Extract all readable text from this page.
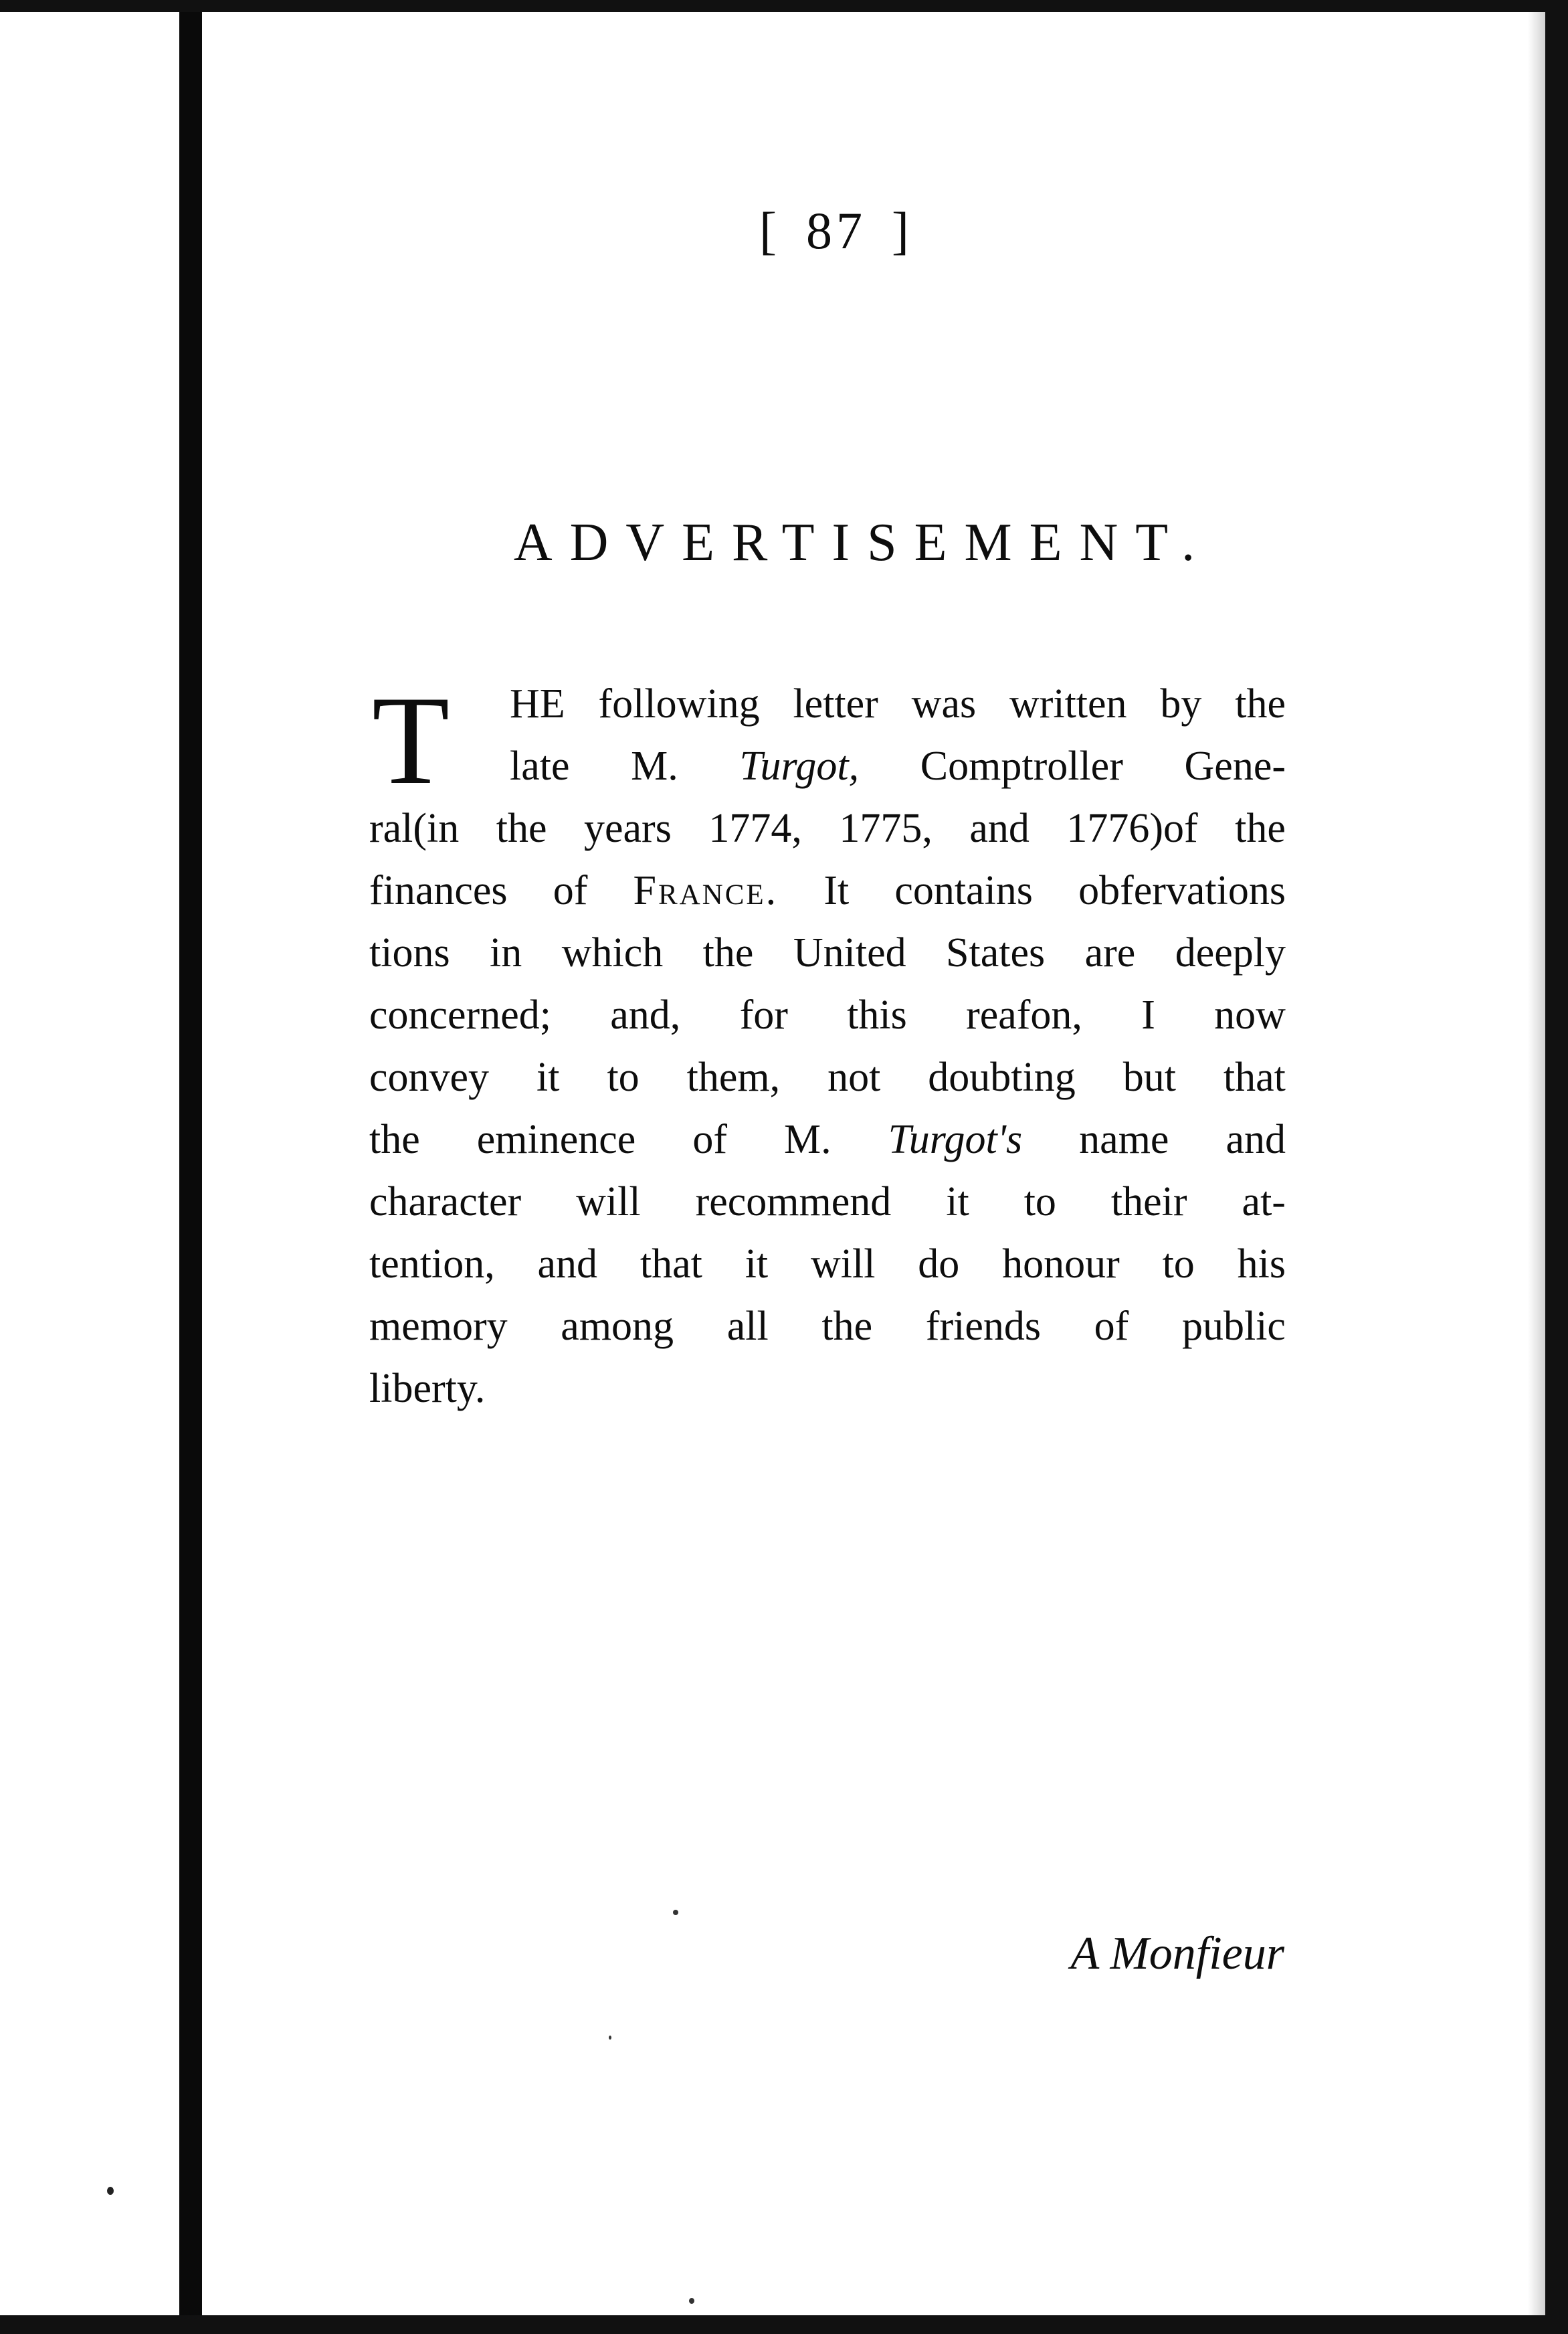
[ 87 ]
ADVERTISEMENT.
T HE following letter was written by the
late M. Turgot, Comptroller Gene-
ral(in the years 1774, 1775, and 1776)of the
finances of France. It contains obfervations
tions in which the United States are deeply
concerned; and, for this reafon, I now
convey it to them, not doubting but that
the eminence of M. Turgot's name and
character will recommend it to their at-
tention, and that it will do honour to his
memory among all the friends of public
liberty.
A Monfieur
